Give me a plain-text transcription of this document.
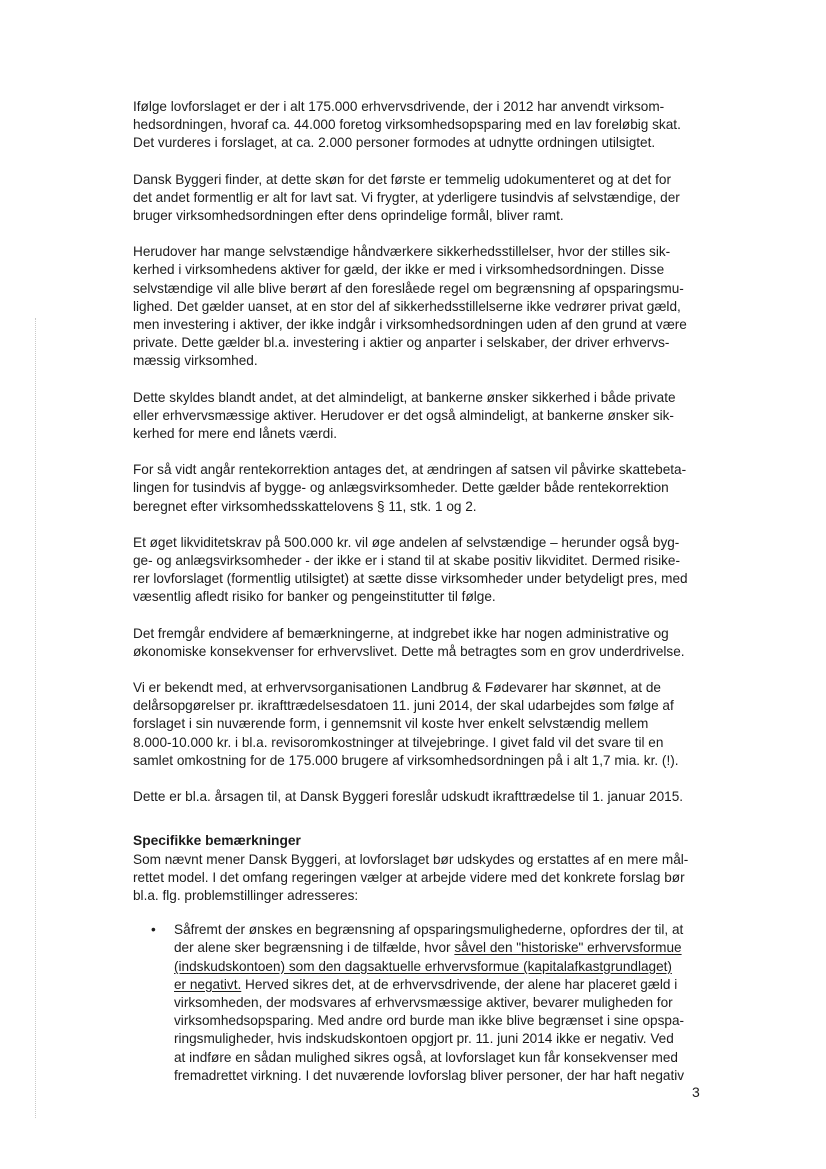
Ifølge lovforslaget er der i alt 175.000 erhvervsdrivende, der i 2012 har anvendt virksom-
hedsordningen, hvoraf ca. 44.000 foretog virksomhedsopsparing med en lav foreløbig skat.
Det vurderes i forslaget, at ca. 2.000 personer formodes at udnytte ordningen utilsigtet.

Dansk Byggeri finder, at dette skøn for det første er temmelig udokumenteret og at det for
det andet formentlig er alt for lavt sat. Vi frygter, at yderligere tusindvis af selvstændige, der
bruger virksomhedsordningen efter dens oprindelige formål, bliver ramt.

Herudover har mange selvstændige håndværkere sikkerhedsstillelser, hvor der stilles sik-
kerhed i virksomhedens aktiver for gæld, der ikke er med i virksomhedsordningen. Disse
selvstændige vil alle blive berørt af den foreslåede regel om begrænsning af opsparingsmu-
lighed. Det gælder uanset, at en stor del af sikkerhedsstillelserne ikke vedrører privat gæld,
men investering i aktiver, der ikke indgår i virksomhedsordningen uden af den grund at være
private. Dette gælder bl.a. investering i aktier og anparter i selskaber, der driver erhvervs-
mæssig virksomhed.

Dette skyldes blandt andet, at det almindeligt, at bankerne ønsker sikkerhed i både private
eller erhvervsmæssige aktiver. Herudover er det også almindeligt, at bankerne ønsker sik-
kerhed for mere end lånets værdi.

For så vidt angår rentekorrektion antages det, at ændringen af satsen vil påvirke skattebeta-
lingen for tusindvis af bygge- og anlægsvirksomheder. Dette gælder både rentekorrektion
beregnet efter virksomhedsskattelovens § 11, stk. 1 og 2.

Et øget likviditetskrav på 500.000 kr. vil øge andelen af selvstændige – herunder også byg-
ge- og anlægsvirksomheder - der ikke er i stand til at skabe positiv likviditet. Dermed risike-
rer lovforslaget (formentlig utilsigtet) at sætte disse virksomheder under betydeligt pres, med
væsentlig afledt risiko for banker og pengeinstitutter til følge.

Det fremgår endvidere af bemærkningerne, at indgrebet ikke har nogen administrative og
økonomiske konsekvenser for erhvervslivet. Dette må betragtes som en grov underdrivelse.

Vi er bekendt med, at erhvervsorganisationen Landbrug & Fødevarer har skønnet, at de
delårsopgørelser pr. ikrafttrædelsesdatoen 11. juni 2014, der skal udarbejdes som følge af
forslaget i sin nuværende form, i gennemsnit vil koste hver enkelt selvstændig mellem
8.000-10.000 kr. i bl.a. revisoromkostninger at tilvejebringe. I givet fald vil det svare til en
samlet omkostning for de 175.000 brugere af virksomhedsordningen på i alt 1,7 mia. kr. (!).

Dette er bl.a. årsagen til, at Dansk Byggeri foreslår udskudt ikrafttrædelse til 1. januar 2015.

Specifikke bemærkninger
Som nævnt mener Dansk Byggeri, at lovforslaget bør udskydes og erstattes af en mere mål-
rettet model. I det omfang regeringen vælger at arbejde videre med det konkrete forslag bør
bl.a. flg. problemstillinger adresseres:
• Såfremt der ønskes en begrænsning af opsparingsmulighederne, opfordres der til, at
der alene sker begrænsning i de tilfælde, hvor såvel den "historiske" erhvervsformue
(indskudskontoen) som den dagsaktuelle erhvervsformue (kapitalafkastgrundlaget)
er negativt. Herved sikres det, at de erhvervsdrivende, der alene har placeret gæld i
virksomheden, der modsvares af erhvervsmæssige aktiver, bevarer muligheden for
virksomhedsopsparing. Med andre ord burde man ikke blive begrænset i sine opspa-
ringsmuligheder, hvis indskudskontoen opgjort pr. 11. juni 2014 ikke er negativ. Ved
at indføre en sådan mulighed sikres også, at lovforslaget kun får konsekvenser med
fremadrettet virkning. I det nuværende lovforslag bliver personer, der har haft negativ
3
